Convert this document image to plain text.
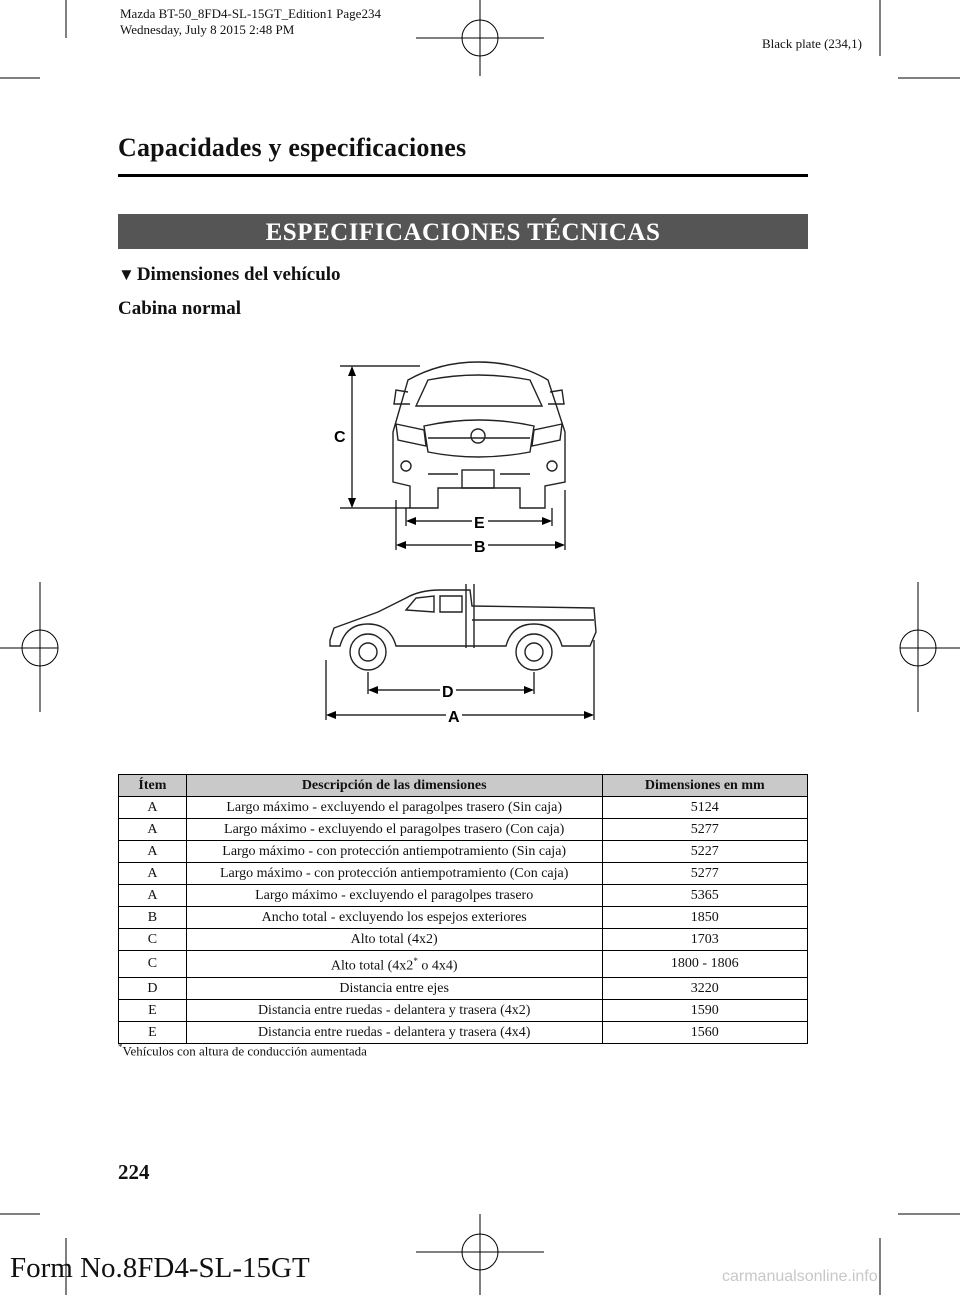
Mazda BT-50_8FD4-SL-15GT_Edition1 Page234
Wednesday, July 8 2015 2:48 PM
Black plate (234,1)
Capacidades y especificaciones
ESPECIFICACIONES TÉCNICAS
▼ Dimensiones del vehículo
Cabina normal
C
E
B
D
A
Ítem	Descripción de las dimensiones	Dimensiones en mm
A	Largo máximo - excluyendo el paragolpes trasero (Sin caja)	5124
A	Largo máximo - excluyendo el paragolpes trasero (Con caja)	5277
A	Largo máximo - con protección antiempotramiento (Sin caja)	5227
A	Largo máximo - con protección antiempotramiento (Con caja)	5277
A	Largo máximo - excluyendo el paragolpes trasero	5365
B	Ancho total - excluyendo los espejos exteriores	1850
C	Alto total (4x2)	1703
C	Alto total (4x2* o 4x4)	1800 - 1806
D	Distancia entre ejes	3220
E	Distancia entre ruedas - delantera y trasera (4x2)	1590
E	Distancia entre ruedas - delantera y trasera (4x4)	1560
*Vehículos con altura de conducción aumentada
224
Form No.8FD4-SL-15GT	carmanualsonline.info
